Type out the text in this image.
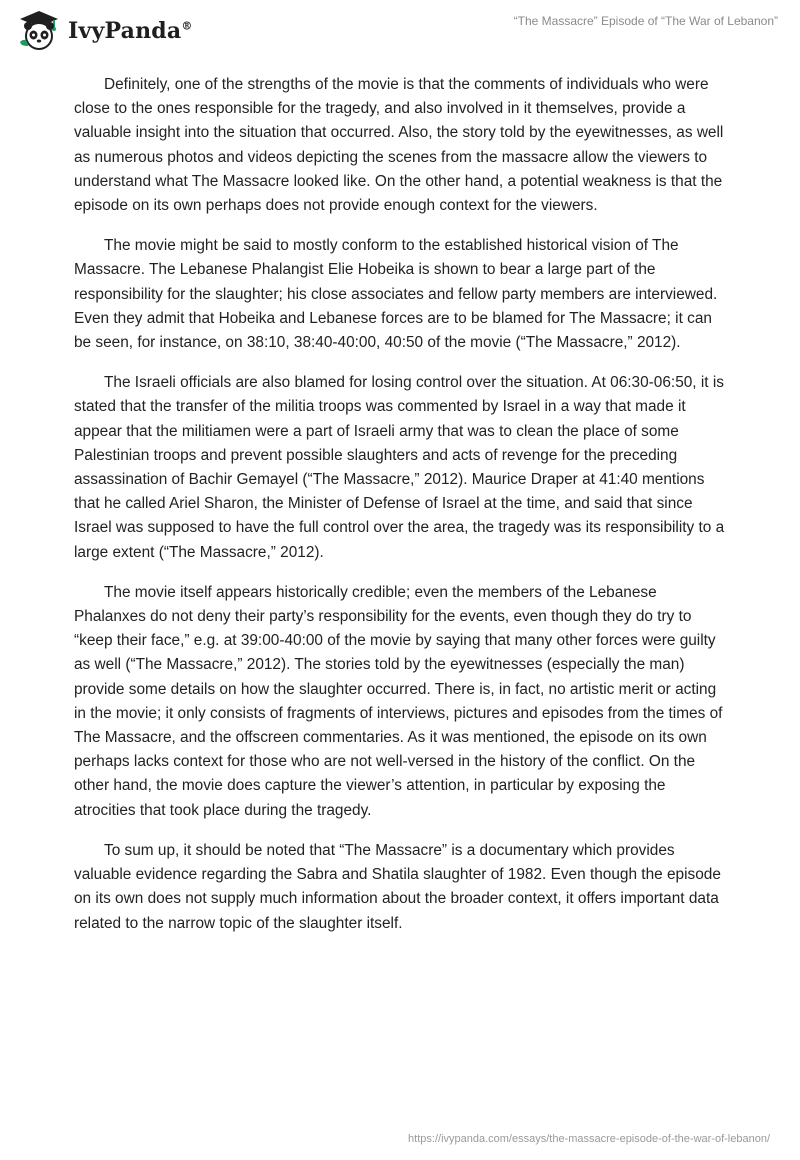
IvyPanda®	“The Massacre” Episode of “The War of Lebanon”

Definitely, one of the strengths of the movie is that the comments of individuals who were close to the ones responsible for the tragedy, and also involved in it themselves, provide a valuable insight into the situation that occurred. Also, the story told by the eyewitnesses, as well as numerous photos and videos depicting the scenes from the massacre allow the viewers to understand what The Massacre looked like. On the other hand, a potential weakness is that the episode on its own perhaps does not provide enough context for the viewers.

The movie might be said to mostly conform to the established historical vision of The Massacre. The Lebanese Phalangist Elie Hobeika is shown to bear a large part of the responsibility for the slaughter; his close associates and fellow party members are interviewed. Even they admit that Hobeika and Lebanese forces are to be blamed for The Massacre; it can be seen, for instance, on 38:10, 38:40-40:00, 40:50 of the movie (“The Massacre,” 2012).

The Israeli officials are also blamed for losing control over the situation. At 06:30-06:50, it is stated that the transfer of the militia troops was commented by Israel in a way that made it appear that the militiamen were a part of Israeli army that was to clean the place of some Palestinian troops and prevent possible slaughters and acts of revenge for the preceding assassination of Bachir Gemayel (“The Massacre,” 2012). Maurice Draper at 41:40 mentions that he called Ariel Sharon, the Minister of Defense of Israel at the time, and said that since Israel was supposed to have the full control over the area, the tragedy was its responsibility to a large extent (“The Massacre,” 2012).

The movie itself appears historically credible; even the members of the Lebanese Phalanxes do not deny their party’s responsibility for the events, even though they do try to “keep their face,” e.g. at 39:00-40:00 of the movie by saying that many other forces were guilty as well (“The Massacre,” 2012). The stories told by the eyewitnesses (especially the man) provide some details on how the slaughter occurred. There is, in fact, no artistic merit or acting in the movie; it only consists of fragments of interviews, pictures and episodes from the times of The Massacre, and the offscreen commentaries. As it was mentioned, the episode on its own perhaps lacks context for those who are not well-versed in the history of the conflict. On the other hand, the movie does capture the viewer’s attention, in particular by exposing the atrocities that took place during the tragedy.

To sum up, it should be noted that “The Massacre” is a documentary which provides valuable evidence regarding the Sabra and Shatila slaughter of 1982. Even though the episode on its own does not supply much information about the broader context, it offers important data related to the narrow topic of the slaughter itself.

https://ivypanda.com/essays/the-massacre-episode-of-the-war-of-lebanon/
